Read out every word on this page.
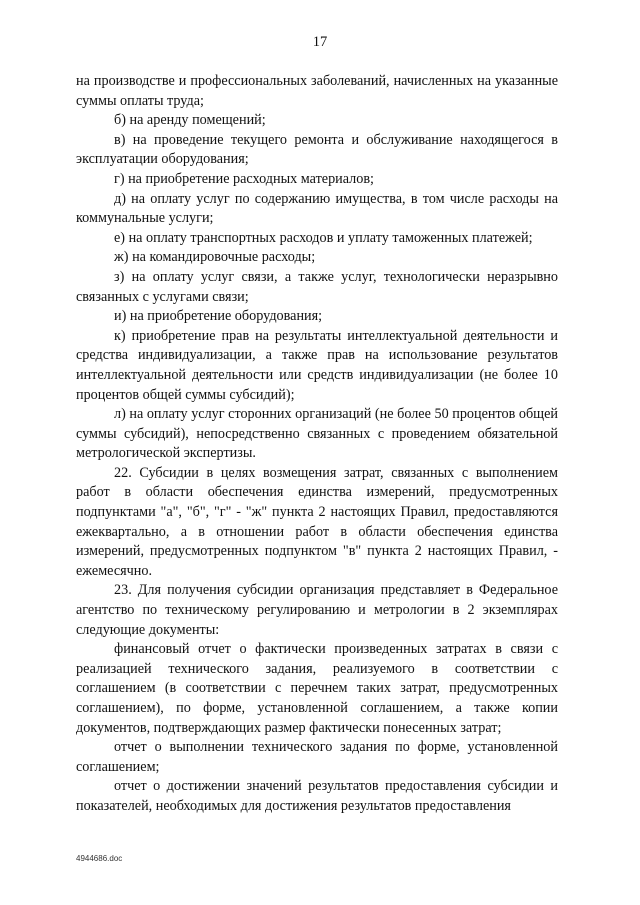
17

на производстве и профессиональных заболеваний, начисленных на указанные суммы оплаты труда;

б) на аренду помещений;

в) на проведение текущего ремонта и обслуживание находящегося в эксплуатации оборудования;

г) на приобретение расходных материалов;

д) на оплату услуг по содержанию имущества, в том числе расходы на коммунальные услуги;

е) на оплату транспортных расходов и уплату таможенных платежей;

ж) на командировочные расходы;

з) на оплату услуг связи, а также услуг, технологически неразрывно связанных с услугами связи;

и) на приобретение оборудования;

к) приобретение прав на результаты интеллектуальной деятельности и средства индивидуализации, а также прав на использование результатов интеллектуальной деятельности или средств индивидуализации (не более 10 процентов общей суммы субсидий);

л) на оплату услуг сторонних организаций (не более 50 процентов общей суммы субсидий), непосредственно связанных с проведением обязательной метрологической экспертизы.

22. Субсидии в целях возмещения затрат, связанных с выполнением работ в области обеспечения единства измерений, предусмотренных подпунктами "а", "б", "г" - "ж" пункта 2 настоящих Правил, предоставляются ежеквартально, а в отношении работ в области обеспечения единства измерений, предусмотренных подпунктом "в" пункта 2 настоящих Правил, - ежемесячно.

23. Для получения субсидии организация представляет в Федеральное агентство по техническому регулированию и метрологии в 2 экземплярах следующие документы:

финансовый отчет о фактически произведенных затратах в связи с реализацией технического задания, реализуемого в соответствии с соглашением (в соответствии с перечнем таких затрат, предусмотренных соглашением), по форме, установленной соглашением, а также копии документов, подтверждающих размер фактически понесенных затрат;

отчет о выполнении технического задания по форме, установленной соглашением;

отчет о достижении значений результатов предоставления субсидии и показателей, необходимых для достижения результатов предоставления

4944686.doc
